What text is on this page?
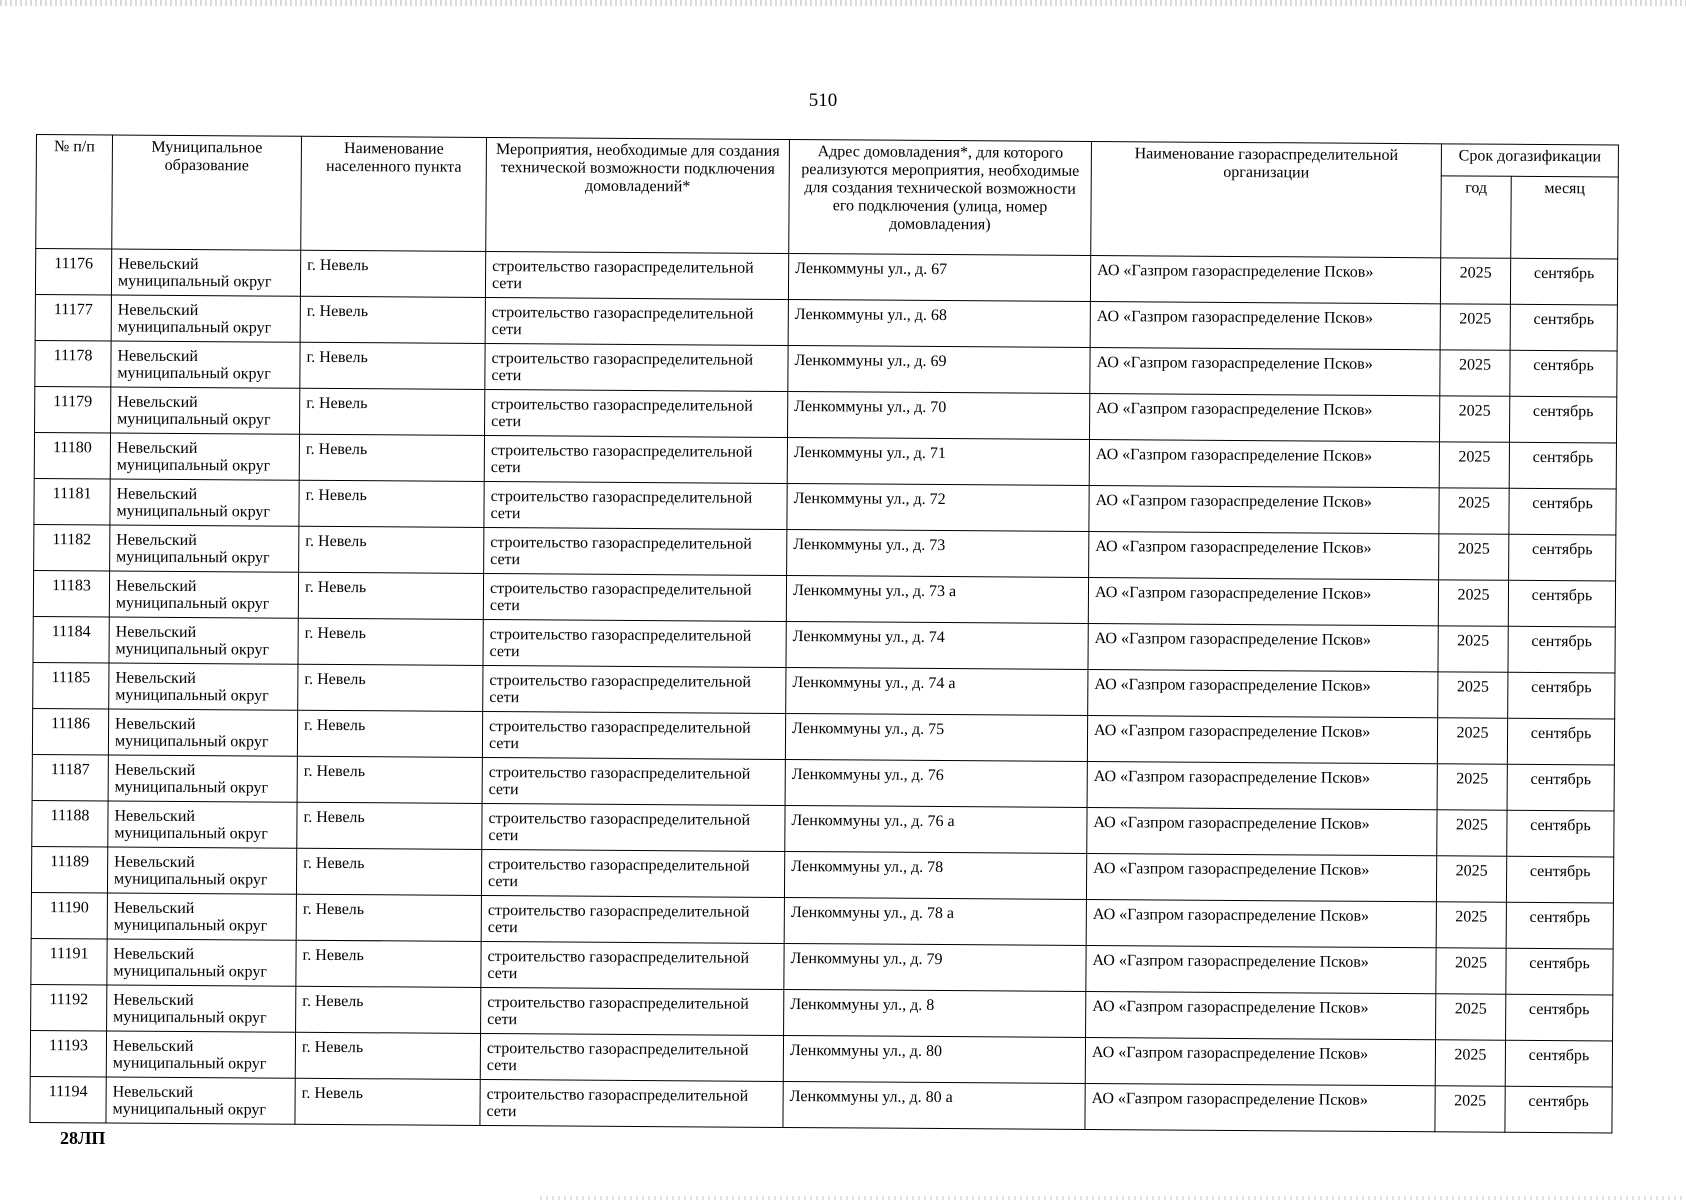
510
№ п/п	Муниципальное образование	Наименование населенного пункта	Мероприятия, необходимые для создания технической возможности подключения домовладений*	Адрес домовладения*, для которого реализуются мероприятия, необходимые для создания технической возможности его подключения (улица, номер домовладения)	Наименование газораспределительной организации	Срок догазификации	
						год	месяц
11176	Невельский муниципальный округ	г. Невель	строительство газораспределительной сети	Ленкоммуны ул., д. 67	АО «Газпром газораспределение Псков»	2025	сентябрь
11177	Невельский муниципальный округ	г. Невель	строительство газораспределительной сети	Ленкоммуны ул., д. 68	АО «Газпром газораспределение Псков»	2025	сентябрь
11178	Невельский муниципальный округ	г. Невель	строительство газораспределительной сети	Ленкоммуны ул., д. 69	АО «Газпром газораспределение Псков»	2025	сентябрь
11179	Невельский муниципальный округ	г. Невель	строительство газораспределительной сети	Ленкоммуны ул., д. 70	АО «Газпром газораспределение Псков»	2025	сентябрь
11180	Невельский муниципальный округ	г. Невель	строительство газораспределительной сети	Ленкоммуны ул., д. 71	АО «Газпром газораспределение Псков»	2025	сентябрь
11181	Невельский муниципальный округ	г. Невель	строительство газораспределительной сети	Ленкоммуны ул., д. 72	АО «Газпром газораспределение Псков»	2025	сентябрь
11182	Невельский муниципальный округ	г. Невель	строительство газораспределительной сети	Ленкоммуны ул., д. 73	АО «Газпром газораспределение Псков»	2025	сентябрь
11183	Невельский муниципальный округ	г. Невель	строительство газораспределительной сети	Ленкоммуны ул., д. 73 а	АО «Газпром газораспределение Псков»	2025	сентябрь
11184	Невельский муниципальный округ	г. Невель	строительство газораспределительной сети	Ленкоммуны ул., д. 74	АО «Газпром газораспределение Псков»	2025	сентябрь
11185	Невельский муниципальный округ	г. Невель	строительство газораспределительной сети	Ленкоммуны ул., д. 74 а	АО «Газпром газораспределение Псков»	2025	сентябрь
11186	Невельский муниципальный округ	г. Невель	строительство газораспределительной сети	Ленкоммуны ул., д. 75	АО «Газпром газораспределение Псков»	2025	сентябрь
11187	Невельский муниципальный округ	г. Невель	строительство газораспределительной сети	Ленкоммуны ул., д. 76	АО «Газпром газораспределение Псков»	2025	сентябрь
11188	Невельский муниципальный округ	г. Невель	строительство газораспределительной сети	Ленкоммуны ул., д. 76 а	АО «Газпром газораспределение Псков»	2025	сентябрь
11189	Невельский муниципальный округ	г. Невель	строительство газораспределительной сети	Ленкоммуны ул., д. 78	АО «Газпром газораспределение Псков»	2025	сентябрь
11190	Невельский муниципальный округ	г. Невель	строительство газораспределительной сети	Ленкоммуны ул., д. 78 а	АО «Газпром газораспределение Псков»	2025	сентябрь
11191	Невельский муниципальный округ	г. Невель	строительство газораспределительной сети	Ленкоммуны ул., д. 79	АО «Газпром газораспределение Псков»	2025	сентябрь
11192	Невельский муниципальный округ	г. Невель	строительство газораспределительной сети	Ленкоммуны ул., д. 8	АО «Газпром газораспределение Псков»	2025	сентябрь
11193	Невельский муниципальный округ	г. Невель	строительство газораспределительной сети	Ленкоммуны ул., д. 80	АО «Газпром газораспределение Псков»	2025	сентябрь
11194	Невельский муниципальный округ	г. Невель	строительство газораспределительной сети	Ленкоммуны ул., д. 80 а	АО «Газпром газораспределение Псков»	2025	сентябрь
28ЛП
